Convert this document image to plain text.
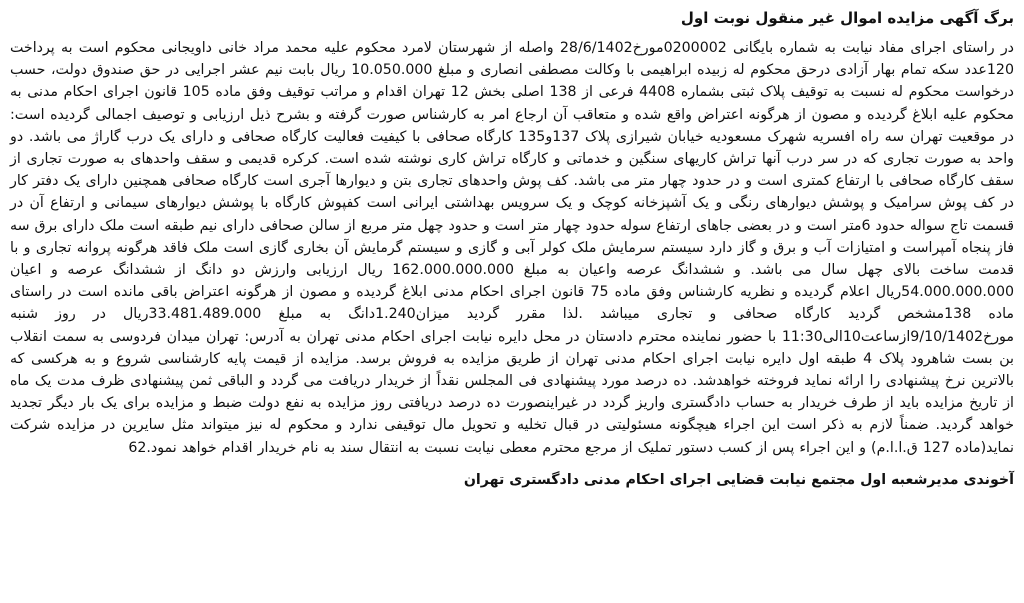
برگ آگهی مزایده اموال غیر منقول نوبت اول

در راستای اجرای مفاد نیابت به شماره بایگانی 0200002مورخ28/6/1402 واصله از شهرستان لامرد محکوم علیه محمد مراد خانی داویجانی محکوم است به پرداخت 120عدد سکه تمام بهار آزادی درحق محکوم له زبیده ابراهیمی با وکالت مصطفی انصاری و مبلغ 10.050.000 ریال بابت نیم عشر اجرایی در حق صندوق دولت، حسب درخواست محکوم له نسبت به توقیف پلاک ثبتی بشماره 4408 فرعی از 138 اصلی بخش 12 تهران اقدام و مراتب توقیف وفق ماده 105 قانون اجرای احکام مدنی به محکوم علیه ابلاغ گردیده و مصون از هرگونه اعتراض واقع شده و متعاقب آن ارجاع امر به کارشناس صورت گرفته و بشرح ذیل ارزیابی و توصیف اجمالی گردیده است: در موقعیت تهران سه راه افسریه شهرک مسعودیه خیابان شیرازی پلاک 137و135 کارگاه صحافی با کیفیت فعالیت کارگاه صحافی و دارای یک درب گاراژ می باشد. دو واحد به صورت تجاری که در سر درب آنها تراش کاریهای سنگین و خدماتی و کارگاه تراش کاری نوشته شده است. کرکره قدیمی و سقف واحدهای به صورت تجاری از سقف کارگاه صحافی با ارتفاع کمتری است و در حدود چهار متر می باشد. کف پوش واحدهای تجاری بتن و دیوارها آجری است کارگاه صحافی همچنین دارای یک دفتر کار در کف پوش سرامیک و پوشش دیوارهای رنگی و یک آشپزخانه کوچک و یک سرویس بهداشتی ایرانی است کفپوش کارگاه با پوشش دیوارهای سیمانی و ارتفاع آن در قسمت تاج سواله حدود 6متر است و در بعضی جاهای ارتفاع سوله حدود چهار متر است و حدود چهل متر مربع از سالن صحافی دارای نیم طبقه است ملک دارای برق سه فاز پنجاه آمپراست و امتیازات آب و برق و گاز دارد سیستم سرمایش ملک کولر آبی و گازی و سیستم گرمایش آن بخاری گازی است ملک فاقد هرگونه پروانه تجاری و با قدمت ساخت بالای چهل سال می باشد. و ششدانگ عرصه واعیان به مبلغ 162.000.000.000 ریال ارزیابی وارزش دو دانگ از ششدانگ عرصه و اعیان 54.000.000.000ریال اعلام گردیده و نظریه کارشناس وفق ماده 75 قانون اجرای احکام مدنی ابلاغ گردیده و مصون از هرگونه اعتراض باقی مانده است در راستای ماده 138مشخص گردید کارگاه صحافی و تجاری میباشد .لذا مقرر گردید میزان1.240دانگ به مبلغ 33.481.489.000ریال در روز شنبه مورخ9/10/1402ازساعت10الی11:30 با حضور نماینده محترم دادستان در محل دایره نیابت اجرای احکام مدنی تهران به آدرس: تهران میدان فردوسی به سمت انقلاب بن بست شاهرود پلاک 4 طبقه اول دایره نیابت اجرای احکام مدنی تهران از طریق مزایده به فروش برسد. مزایده از قیمت پایه کارشناسی شروع و به هرکسی که بالاترین نرخ پیشنهادی را ارائه نماید فروخته خواهدشد. ده درصد مورد پیشنهادی فی المجلس نقداً از خریدار دریافت می گردد و الباقی ثمن پیشنهادی ظرف مدت یک ماه از تاریخ مزایده باید از طرف خریدار به حساب دادگستری واریز گردد در غیراینصورت ده درصد دریافتی روز مزایده به نفع دولت ضبط و مزایده برای یک بار دیگر تجدید خواهد گردید. ضمناً لازم به ذکر است این اجراء هیچگونه مسئولیتی در قبال تخلیه و تحویل مال توقیفی ندارد و محکوم له نیز میتواند مثل سایرین در مزایده شرکت نماید(ماده 127 ق.ا.ا.م) و این اجراء پس از کسب دستور تملیک از مرجع محترم معطی نیابت نسبت به انتقال سند به نام خریدار اقدام خواهد نمود.62

آخوندی مدیرشعبه اول مجتمع نیابت قضایی اجرای احکام مدنی دادگستری تهران
